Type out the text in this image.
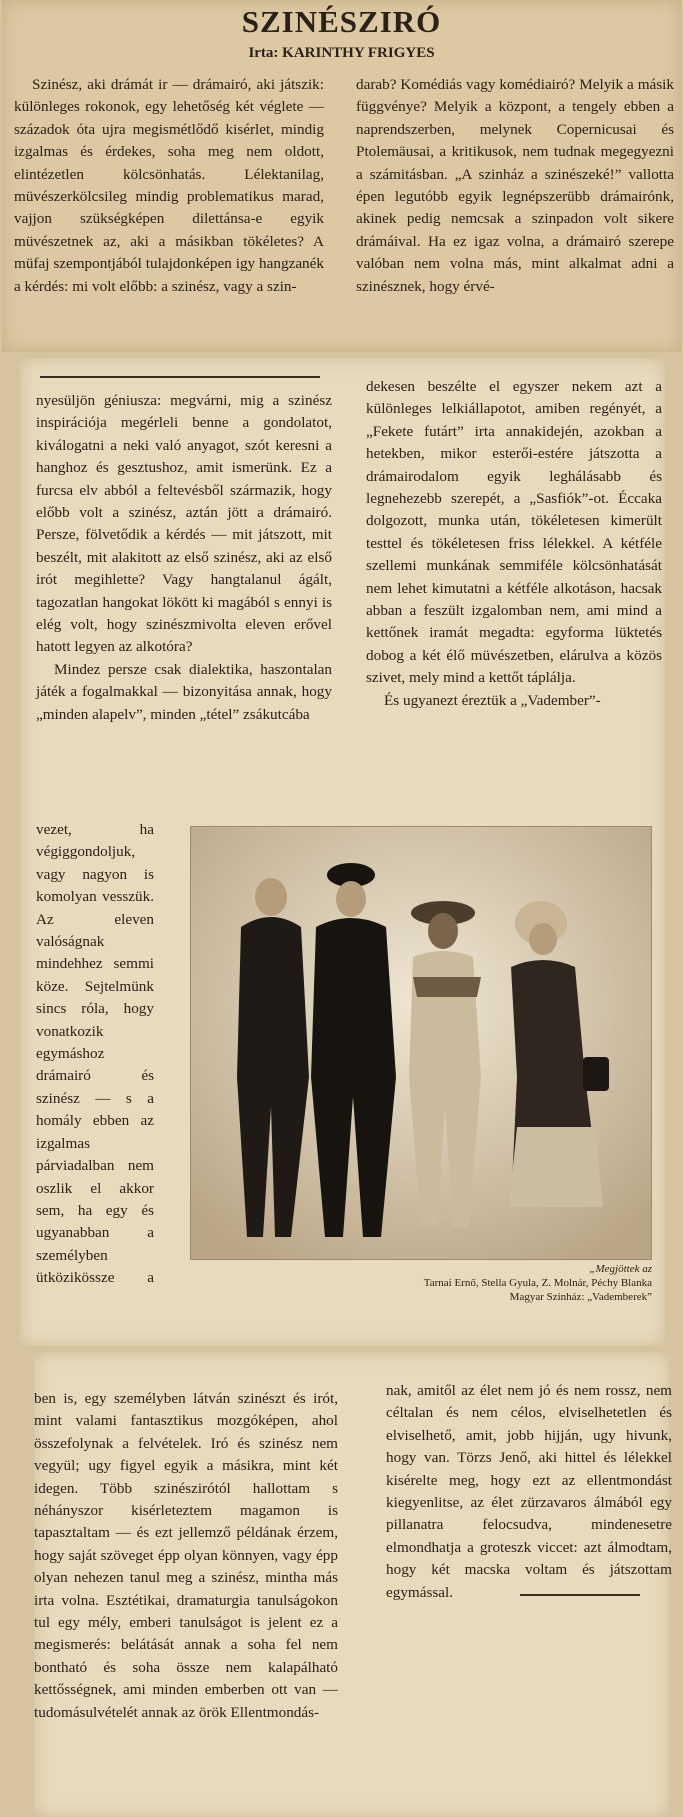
SZINÉSZIRÓ
Irta: KARINTHY FRIGYES

Szinész, aki drámát ir — drámairó, aki játszik: különleges rokonok, egy lehetőség két véglete — századok óta ujra megismétlődő kisérlet, mindig izgalmas és érdekes, soha meg nem oldott, elintézetlen kölcsönhatás. Lélektanilag, müvészerkölcsileg mindig problematikus marad, vajjon szükségképen dilettánsa-e egyik müvészetnek az, aki a másikban tökéletes? A müfaj szempontjából tulajdonképen igy hangzanék a kérdés: mi volt előbb: a szinész, vagy a szin-

darab? Komédiás vagy komédiairó? Melyik a másik függvénye? Melyik a központ, a tengely ebben a naprendszerben, melynek Copernicusai és Ptolemäusai, a kritikusok, nem tudnak megegyezni a számitásban. „A szinház a szinészeké!” vallotta épen legutóbb egyik legnépszerübb drámairónk, akinek pedig nemcsak a szinpadon volt sikere drámáival. Ha ez igaz volna, a drámairó szerepe valóban nem volna más, mint alkalmat adni a szinésznek, hogy érvé-

nyesüljön géniusza: megvárni, mig a szinész inspirációja megérleli benne a gondolatot, kiválogatni a neki való anyagot, szót keresni a hanghoz és gesztushoz, amit ismerünk. Ez a furcsa elv abból a feltevésből származik, hogy előbb volt a szinész, aztán jött a drámairó. Persze, fölvetődik a kérdés — mit játszott, mit beszélt, mit alakitott az első szinész, aki az első irót megihlette? Vagy hangtalanul ágált, tagozatlan hangokat lökött ki magából s ennyi is elég volt, hogy szinészmivolta eleven erővel hatott legyen az alkotóra?

Mindez persze csak dialektika, haszontalan játék a fogalmakkal — bizonyitása annak, hogy „minden alapelv”, minden „tétel” zsákutcába

vezet, ha végiggondoljuk, vagy nagyon is komolyan vesszük. Az eleven valóságnak mindehhez semmi köze. Sejtelmünk sincs róla, hogy vonatkozik egymáshoz drámairó és szinész — s a homály ebben az izgalmas párviadalban nem oszlik el akkor sem, ha egy és ugyanabban a személyben ütközikössze a

dekesen beszélte el egyszer nekem azt a különleges lelkiállapotot, amiben regényét, a „Fekete futárt” irta annakidején, azokban a hetekben, mikor esterői-estére játszotta a drámairodalom egyik leghálásabb és legnehezebb szerepét, a „Sasfiók”-ot. Éccaka dolgozott, munka után, tökéletesen kimerült testtel és tökéletesen friss lélekkel. A kétféle szellemi munkának semmiféle kölcsönhatását nem lehet kimutatni a kétféle alkotáson, hacsak abban a feszült izgalomban nem, ami mind a kettőnek iramát megadta: egyforma lüktetés dobog a két élő müvészetben, elárulva a közös szivet, mely mind a kettőt táplálja.

És ugyanezt éreztük a „Vadember”-

„Megjöttek az
Tarnai Ernő, Stella Gyula, Z. Molnár, Péchy Blanka
Magyar Szinház: „Vademberek”

ben is, egy személyben látván szinészt és irót, mint valami fantasztikus mozgóképen, ahol összefolynak a felvételek. Iró és szinész nem vegyül; ugy figyel egyik a másikra, mint két idegen. Több szinészirótól hallottam s néhányszor kisérleteztem magamon is tapasztaltam — és ezt jellemző példának érzem, hogy saját szöveget épp olyan könnyen, vagy épp olyan nehezen tanul meg a szinész, mintha más irta volna. Esztétikai, dramaturgia tanulságokon tul egy mély, emberi tanulságot is jelent ez a megismerés: belátását annak a soha fel nem bontható és soha össze nem kalapálható kettősségnek, ami minden emberben ott van — tudomásulvételét annak az örök Ellentmondás-

nak, amitől az élet nem jó és nem rossz, nem céltalan és nem célos, elviselhetetlen és elviselhető, amit, jobb hijján, ugy hivunk, hogy van. Törzs Jenő, aki hittel és lélekkel kisérelte meg, hogy ezt az ellentmondást kiegyenlitse, az élet zürzavaros álmából egy pillanatra felocsudva, mindenesetre elmondhatja a groteszk viccet: azt álmodtam, hogy két macska voltam és játszottam egymással.
